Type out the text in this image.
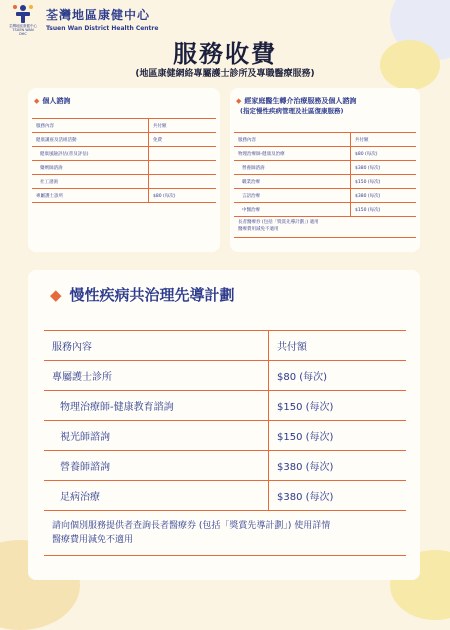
荃灣地區康健中心 TSUEN WAN DHC
荃灣地區康健中心
Tsuen Wan District Health Centre
服務收費
(地區康健網絡專屬護士診所及專職醫療服務)
◆ 個人諮詢
服務內容	共付額
健康講座及活組活動	免費
健康風險評估(普及評估)	
藥劑師諮詢	
社工諮詢	
專屬護士診所	$80 (每次)
◆ 經家庭醫生轉介治療服務及個人諮詢
(指定慢性疾病管理及社區復康服務)
服務內容	共付額
物理治療師-健康及治療	$80 (每次)
營養師諮詢	$380 (每次)
職業治療	$150 (每次)
言語治療	$380 (每次)
中醫治療	$150 (每次)

長者醫療券 (包括「獎賞先導計劃」) 適用
醫療費用減免不適用	
◆ 慢性疾病共治理先導計劃
服務內容	共付額
專屬護士診所	$80 (每次)
物理治療師-健康教育諮詢	$150 (每次)
視光師諮詢	$150 (每次)
營養師諮詢	$380 (每次)
足病治療	$380 (每次)

請向個別服務提供者查詢長者醫療券 (包括「獎賞先導計劃」) 使用詳情
醫療費用減免不適用	
